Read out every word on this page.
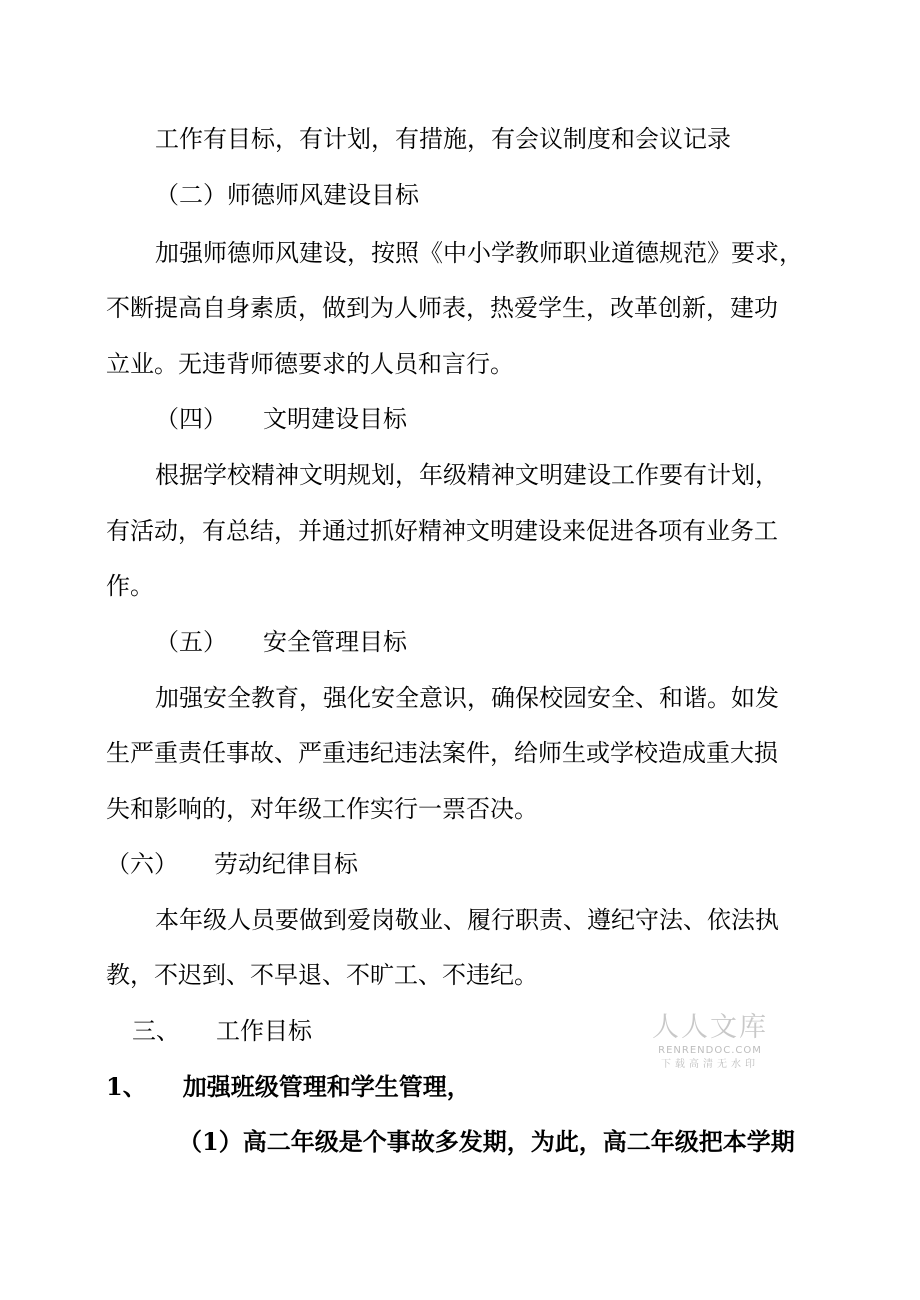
工作有目标，有计划，有措施，有会议制度和会议记录
（二）师德师风建设目标
加强师德师风建设，按照《中小学教师职业道德规范》要求，
不断提高自身素质，做到为人师表，热爱学生，改革创新，建功
立业。无违背师德要求的人员和言行。
（四）　　文明建设目标
根据学校精神文明规划，年级精神文明建设工作要有计划，
有活动，有总结，并通过抓好精神文明建设来促进各项有业务工
作。
（五）　　安全管理目标
加强安全教育，强化安全意识，确保校园安全、和谐。如发
生严重责任事故、严重违纪违法案件，给师生或学校造成重大损
失和影响的，对年级工作实行一票否决。
（六）　　劳动纪律目标
本年级人员要做到爱岗敬业、履行职责、遵纪守法、依法执
教，不迟到、不早退、不旷工、不违纪。
三、　　工作目标
1、　　加强班级管理和学生管理，
（1）高二年级是个事故多发期，为此，高二年级把本学期
人人文库
RENRENDOC.COM
下载高清无水印
